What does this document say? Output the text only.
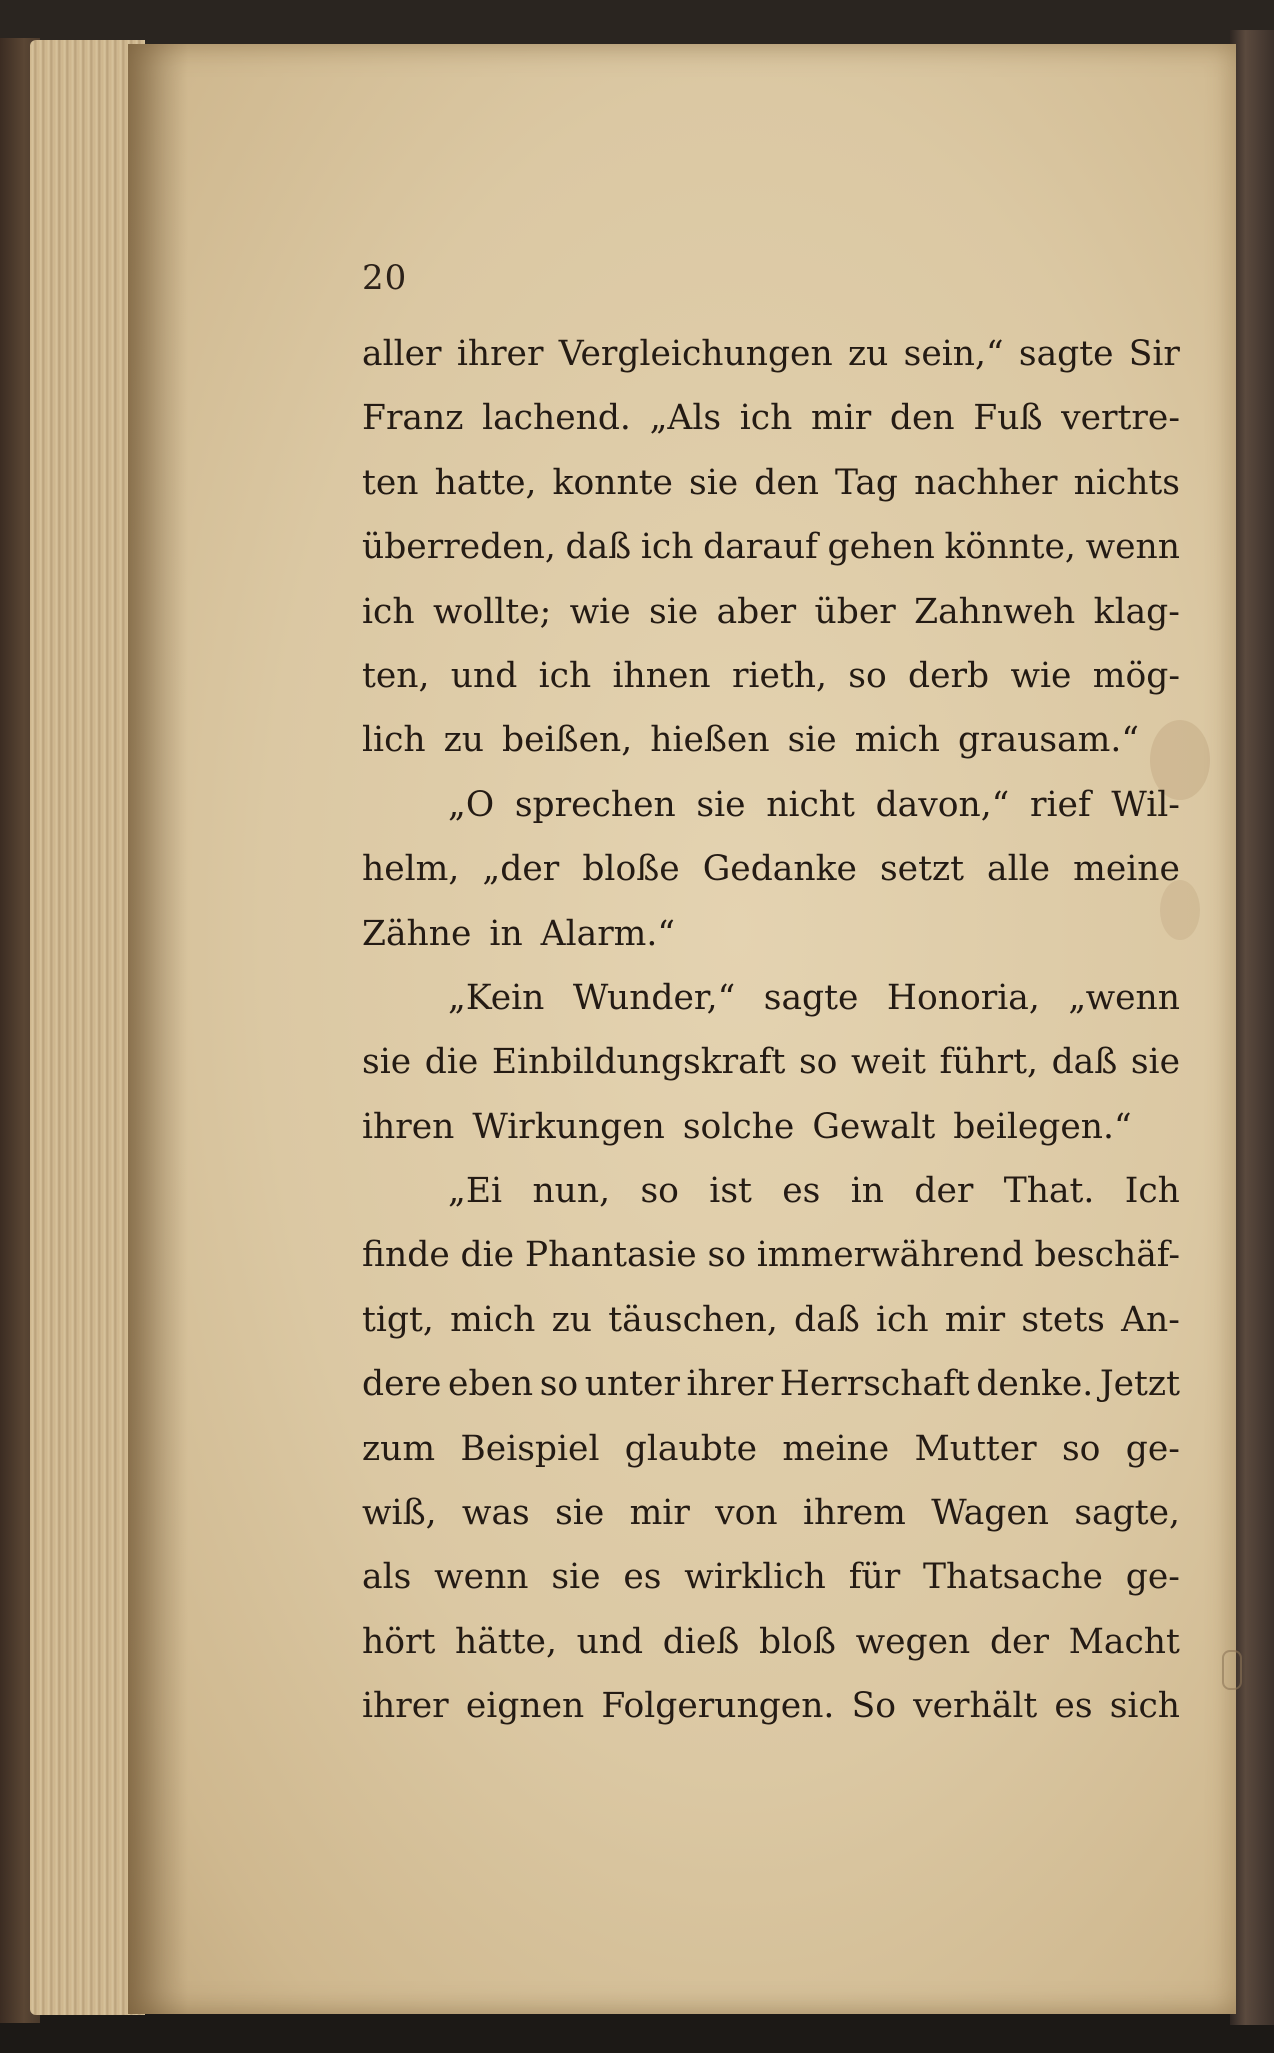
20
aller ihrer Vergleichungen zu sein,“ sagte Sir
Franz lachend. „Als ich mir den Fuß vertre-
ten hatte, konnte sie den Tag nachher nichts
überreden, daß ich darauf gehen könnte, wenn
ich wollte; wie sie aber über Zahnweh klag-
ten, und ich ihnen rieth, so derb wie mög-
lich zu beißen, hießen sie mich grausam.“
„O sprechen sie nicht davon,“ rief Wil-
helm, „der bloße Gedanke setzt alle meine
Zähne in Alarm.“
„Kein Wunder,“ sagte Honoria, „wenn
sie die Einbildungskraft so weit führt, daß sie
ihren Wirkungen solche Gewalt beilegen.“
„Ei nun, so ist es in der That. Ich
finde die Phantasie so immerwährend beschäf-
tigt, mich zu täuschen, daß ich mir stets An-
dere eben so unter ihrer Herrschaft denke. Jetzt
zum Beispiel glaubte meine Mutter so ge-
wiß, was sie mir von ihrem Wagen sagte,
als wenn sie es wirklich für Thatsache ge-
hört hätte, und dieß bloß wegen der Macht
ihrer eignen Folgerungen. So verhält es sich
